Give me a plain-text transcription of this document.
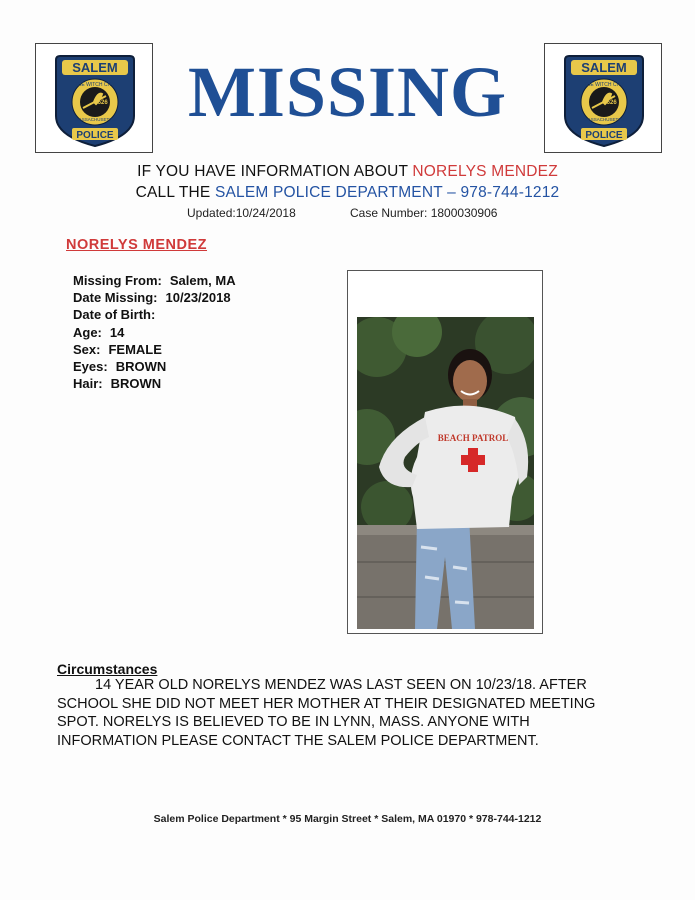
SALEM
THE WITCH CITY
1626
MASSACHUSETTS
POLICE
SALEM
THE WITCH CITY
1626
MASSACHUSETTS
POLICE
MISSING
IF YOU HAVE INFORMATION ABOUT NORELYS MENDEZ
CALL THE SALEM POLICE DEPARTMENT – 978-744-1212
Updated:10/24/2018	Case Number: 1800030906
NORELYS MENDEZ
Missing From: Salem, MA
Date Missing: 10/23/2018
Date of Birth:
Age: 14
Sex: FEMALE
Eyes: BROWN
Hair: BROWN
BEACH PATROL
Circumstances
14 YEAR OLD NORELYS MENDEZ WAS LAST SEEN ON 10/23/18. AFTER SCHOOL SHE DID NOT MEET HER MOTHER AT THEIR DESIGNATED MEETING SPOT. NORELYS IS BELIEVED TO BE IN LYNN, MASS. ANYONE WITH INFORMATION PLEASE CONTACT THE SALEM POLICE DEPARTMENT.
Salem Police Department * 95 Margin Street * Salem, MA 01970 * 978-744-1212
